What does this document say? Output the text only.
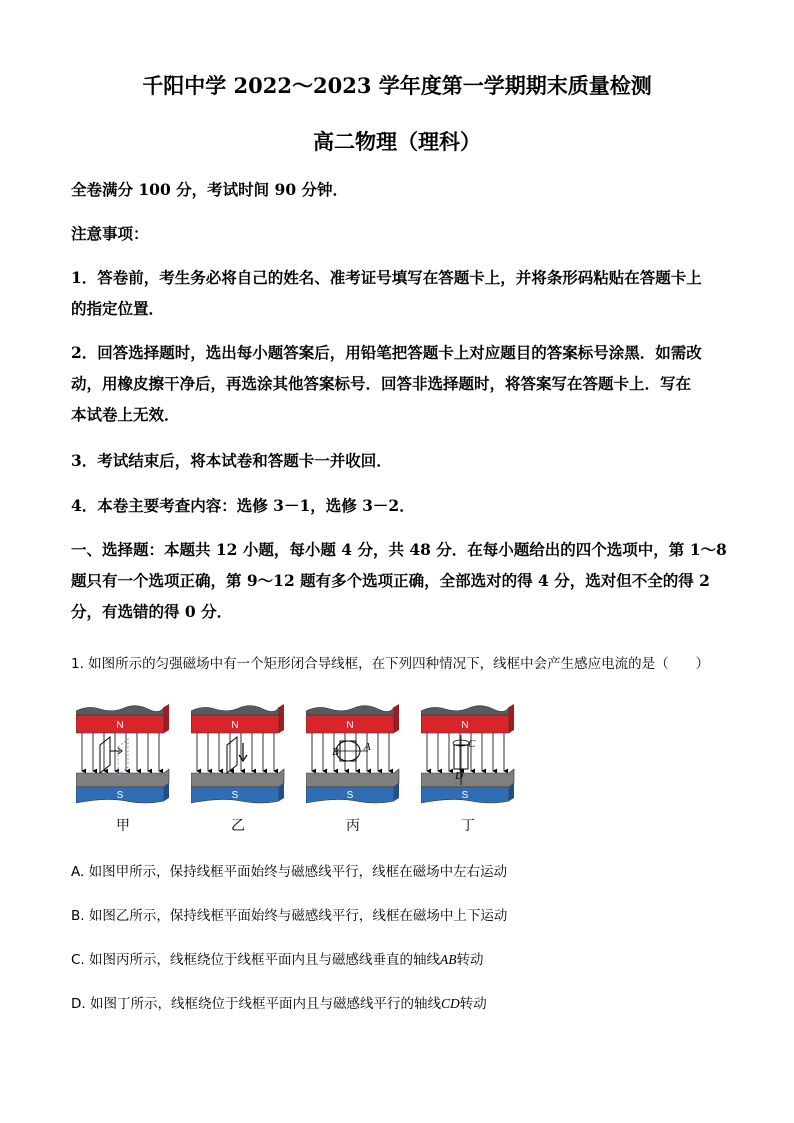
千阳中学 2022～2023 学年度第一学期期末质量检测
高二物理（理科）
全卷满分 100 分，考试时间 90 分钟．
注意事项：
1．答卷前，考生务必将自己的姓名、准考证号填写在答题卡上，并将条形码粘贴在答题卡上
的指定位置．
2．回答选择题时，选出每小题答案后，用铅笔把答题卡上对应题目的答案标号涂黑．如需改
动，用橡皮擦干净后，再选涂其他答案标号．回答非选择题时，将答案写在答题卡上．写在
本试卷上无效．
3．考试结束后，将本试卷和答题卡一并收回．
4．本卷主要考查内容：选修 3－1，选修 3－2．
一、选择题：本题共 12 小题，每小题 4 分，共 48 分．在每小题给出的四个选项中，第 1～8
题只有一个选项正确，第 9～12 题有多个选项正确，全部选对的得 4 分，选对但不全的得 2
分，有选错的得 0 分．
1. 如图所示的匀强磁场中有一个矩形闭合导线框，在下列四种情况下，线框中会产生感应电流的是（　　）
N
S
甲
N
S
乙
N
S
B A
丙
N
S
C
D
丁
A. 如图甲所示，保持线框平面始终与磁感线平行，线框在磁场中左右运动
B. 如图乙所示，保持线框平面始终与磁感线平行，线框在磁场中上下运动
C. 如图丙所示，线框绕位于线框平面内且与磁感线垂直的轴线AB转动
D. 如图丁所示，线框绕位于线框平面内且与磁感线平行的轴线CD转动
